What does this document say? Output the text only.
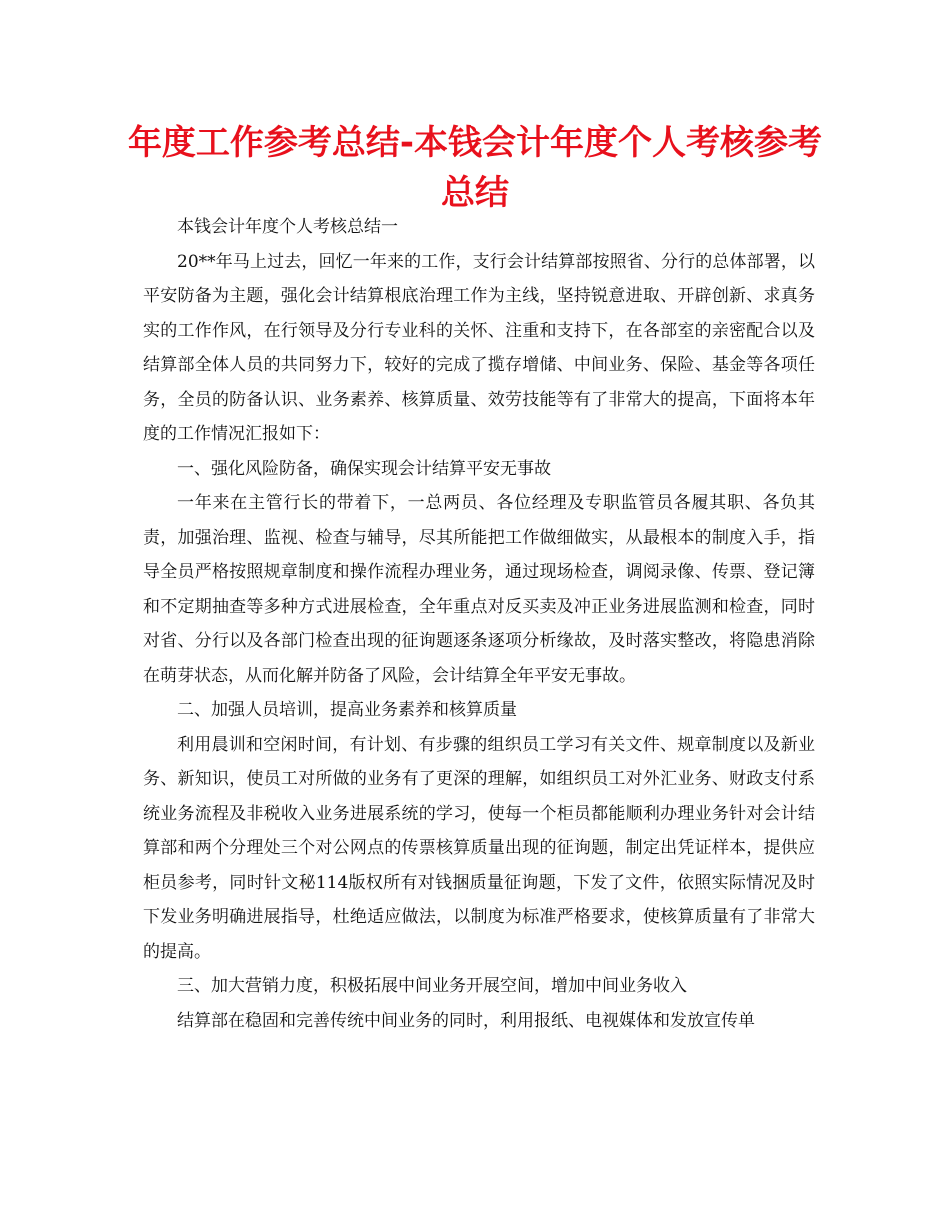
年度工作参考总结-本钱会计年度个人考核参考总结

本钱会计年度个人考核总结一

20**年马上过去，回忆一年来的工作，支行会计结算部按照省、分行的总体部署，以平安防备为主题，强化会计结算根底治理工作为主线，坚持锐意进取、开辟创新、求真务实的工作作风，在行领导及分行专业科的关怀、注重和支持下，在各部室的亲密配合以及结算部全体人员的共同努力下，较好的完成了揽存增储、中间业务、保险、基金等各项任务，全员的防备认识、业务素养、核算质量、效劳技能等有了非常大的提高，下面将本年度的工作情况汇报如下：

一、强化风险防备，确保实现会计结算平安无事故

一年来在主管行长的带着下，一总两员、各位经理及专职监管员各履其职、各负其责，加强治理、监视、检查与辅导，尽其所能把工作做细做实，从最根本的制度入手，指导全员严格按照规章制度和操作流程办理业务，通过现场检查，调阅录像、传票、登记簿和不定期抽查等多种方式进展检查，全年重点对反买卖及冲正业务进展监测和检查，同时对省、分行以及各部门检查出现的征询题逐条逐项分析缘故，及时落实整改，将隐患消除在萌芽状态，从而化解并防备了风险，会计结算全年平安无事故。

二、加强人员培训，提高业务素养和核算质量

利用晨训和空闲时间，有计划、有步骤的组织员工学习有关文件、规章制度以及新业务、新知识，使员工对所做的业务有了更深的理解，如组织员工对外汇业务、财政支付系统业务流程及非税收入业务进展系统的学习，使每一个柜员都能顺利办理业务针对会计结算部和两个分理处三个对公网点的传票核算质量出现的征询题，制定出凭证样本，提供应柜员参考，同时针文秘114版权所有对钱捆质量征询题，下发了文件，依照实际情况及时下发业务明确进展指导，杜绝适应做法，以制度为标准严格要求，使核算质量有了非常大的提高。

三、加大营销力度，积极拓展中间业务开展空间，增加中间业务收入

结算部在稳固和完善传统中间业务的同时，利用报纸、电视媒体和发放宣传单
